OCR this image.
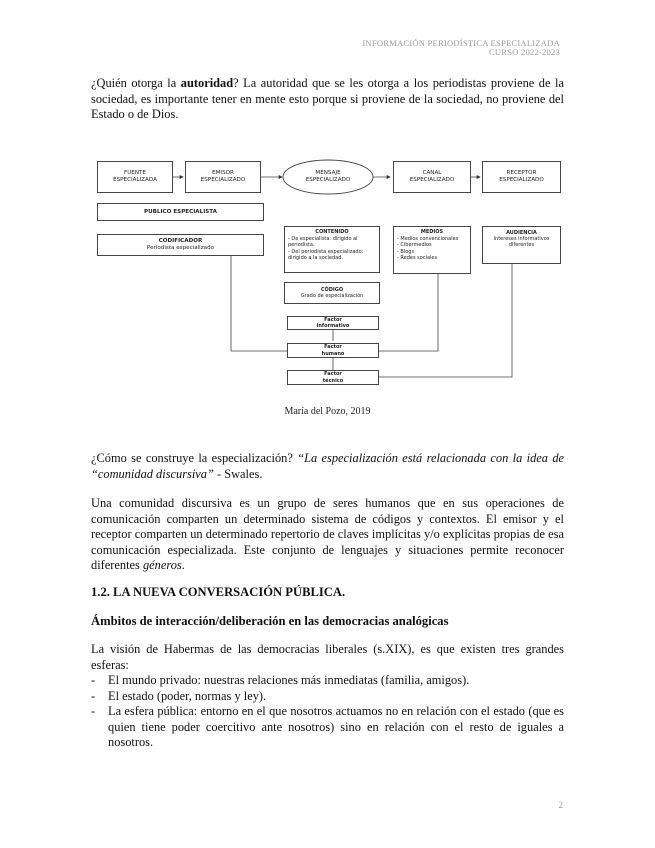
INFORMACIÓN PERIODÍSTICA ESPECIALIZADA
CURSO 2022-2023
¿Quién otorga la autoridad? La autoridad que se les otorga a los periodistas proviene de la sociedad, es importante tener en mente esto porque si proviene de la sociedad, no proviene del Estado o de Dios.
FUENTE
ESPECIALIZADA
EMISOR
ESPECIALIZADO
MENSAJE
ESPECIALIZADO
CANAL
ESPECIALIZADO
RECEPTOR
ESPECIALIZADO
PUBLICO ESPECIALISTA
CODIFICADOR
Periodista especializado
CONTENIDO
- De especialista: dirigido al
periodista.
- Del periodista especializado:
dirigido a la sociedad.
MEDIOS
- Medios convencionales
- Cibermedios
- Blogs
- Redes sociales
AUDIENCIA
Intereses informativos
diferentes
CÓDIGO
Grado de especialización
Factor
informativo
Factor
humano
Factor
técnico
María del Pozo, 2019
¿Cómo se construye la especialización? “La especialización está relacionada con la idea de “comunidad discursiva” - Swales.
Una comunidad discursiva es un grupo de seres humanos que en sus operaciones de comunicación comparten un determinado sistema de códigos y contextos. El emisor y el receptor comparten un determinado repertorio de claves implícitas y/o explícitas propias de esa comunicación especializada. Este conjunto de lenguajes y situaciones permite reconocer diferentes géneros.
1.2. LA NUEVA CONVERSACIÓN PÚBLICA.
Ámbitos de interacción/deliberación en las democracias analógicas
La visión de Habermas de las democracias liberales (s.XIX), es que existen tres grandes esferas:
- El mundo privado: nuestras relaciones más inmediatas (familia, amigos).
- El estado (poder, normas y ley).
- La esfera pública: entorno en el que nosotros actuamos no en relación con el estado (que es quien tiene poder coercitivo ante nosotros) sino en relación con el resto de iguales a nosotros.
2
